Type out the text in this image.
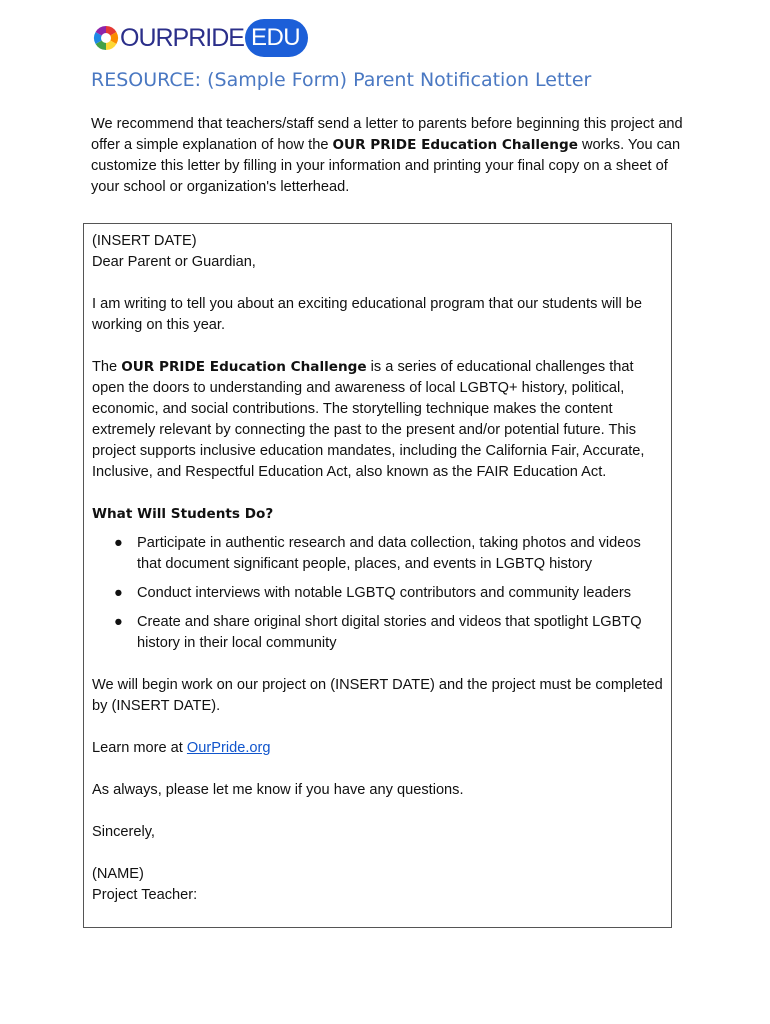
OURPRIDE EDU
RESOURCE: (Sample Form) Parent Notification Letter

We recommend that teachers/staff send a letter to parents before beginning this project and offer a simple explanation of how the OUR PRIDE Education Challenge works. You can customize this letter by filling in your information and printing your final copy on a sheet of your school or organization's letterhead.

(INSERT DATE)

Dear Parent or Guardian,

I am writing to tell you about an exciting educational program that our students will be working on this year.

The OUR PRIDE Education Challenge is a series of educational challenges that open the doors to understanding and awareness of local LGBTQ+ history, political, economic, and social contributions. The storytelling technique makes the content extremely relevant by connecting the past to the present and/or potential future. This project supports inclusive education mandates, including the California Fair, Accurate, Inclusive, and Respectful Education Act, also known as the FAIR Education Act.

What Will Students Do?
● Participate in authentic research and data collection, taking photos and videos that document significant people, places, and events in LGBTQ history
● Conduct interviews with notable LGBTQ contributors and community leaders
● Create and share original short digital stories and videos that spotlight LGBTQ history in their local community

We will begin work on our project on (INSERT DATE) and the project must be completed by (INSERT DATE).

Learn more at OurPride.org

As always, please let me know if you have any questions.

Sincerely,

(NAME)

Project Teacher:
